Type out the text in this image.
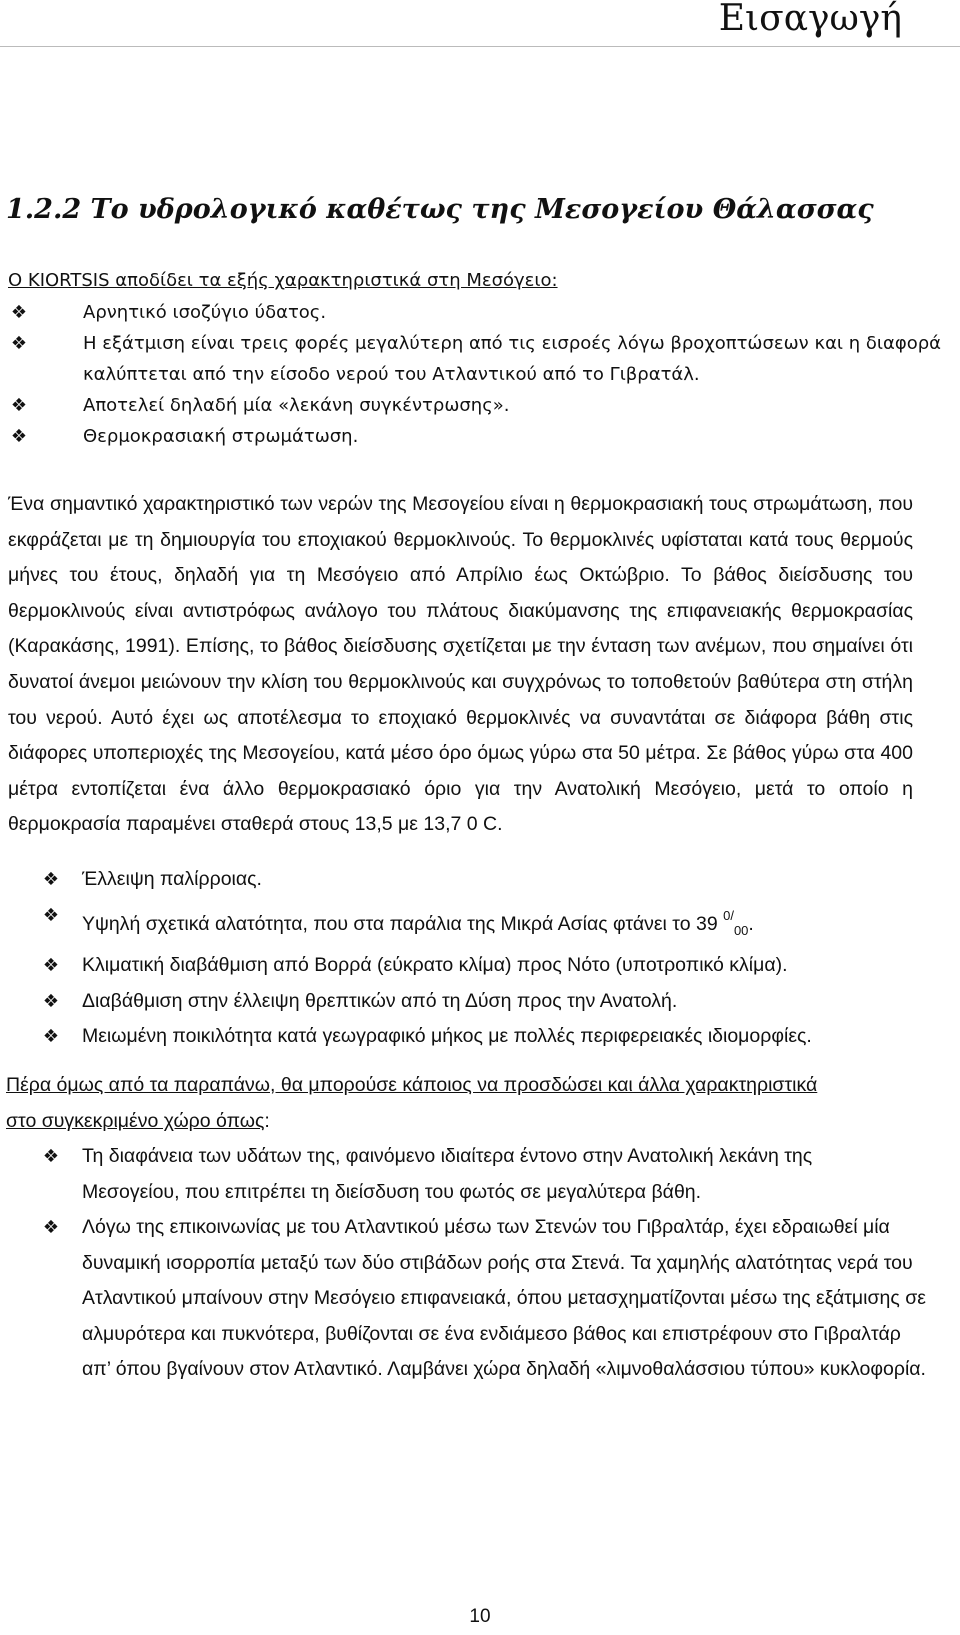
Εισαγωγή
1.2.2 Το υδρολογικό καθέτως της Μεσογείου Θάλασσας
Ο KIORTSIS αποδίδει τα εξής χαρακτηριστικά στη Μεσόγειο:
❖	Αρνητικό ισοζύγιο ύδατος.
❖	Η εξάτμιση είναι τρεις φορές μεγαλύτερη από τις εισροές λόγω βροχοπτώσεων και η διαφορά καλύπτεται από την είσοδο νερού του Ατλαντικού από το Γιβρατάλ.
❖	Αποτελεί δηλαδή μία «λεκάνη συγκέντρωσης».
❖	Θερμοκρασιακή στρωμάτωση.
Ένα σημαντικό χαρακτηριστικό των νερών της Μεσογείου είναι η θερμοκρασιακή τους στρωμάτωση, που εκφράζεται με τη δημιουργία του εποχιακού θερμοκλινούς. Το θερμοκλινές υφίσταται κατά τους θερμούς μήνες του έτους, δηλαδή για τη Μεσόγειο από Απρίλιο έως Οκτώβριο. Το βάθος διείσδυσης του θερμοκλινούς είναι αντιστρόφως ανάλογο του πλάτους διακύμανσης της επιφανειακής θερμοκρασίας (Καρακάσης, 1991). Επίσης, το βάθος διείσδυσης σχετίζεται με την ένταση των ανέμων, που σημαίνει ότι δυνατοί άνεμοι μειώνουν την κλίση του θερμοκλινούς και συγχρόνως το τοποθετούν βαθύτερα στη στήλη του νερού. Αυτό έχει ως αποτέλεσμα το εποχιακό θερμοκλινές να συναντάται σε διάφορα βάθη στις διάφορες υποπεριοχές της Μεσογείου, κατά μέσο όρο όμως γύρω στα 50 μέτρα. Σε βάθος γύρω στα 400 μέτρα εντοπίζεται ένα άλλο θερμοκρασιακό όριο για την Ανατολική Μεσόγειο, μετά το οποίο η θερμοκρασία παραμένει σταθερά στους 13,5 με 13,7 0 C.
❖	Έλλειψη παλίρροιας.
❖	Υψηλή σχετικά αλατότητα, που στα παράλια της Μικρά Ασίας φτάνει το 39 $^{0/}_{00}$.
❖	Κλιματική διαβάθμιση από Βορρά (εύκρατο κλίμα) προς Νότο (υποτροπικό κλίμα).
❖	Διαβάθμιση στην έλλειψη θρεπτικών από τη Δύση προς την Ανατολή.
❖	Μειωμένη ποικιλότητα κατά γεωγραφικό μήκος με πολλές περιφερειακές ιδιομορφίες.
Πέρα όμως από τα παραπάνω, θα μπορούσε κάποιος να προσδώσει και άλλα χαρακτηριστικά στο συγκεκριμένο χώρο όπως:
❖	Τη διαφάνεια των υδάτων της, φαινόμενο ιδιαίτερα έντονο στην Ανατολική λεκάνη της    Μεσογείου, που επιτρέπει τη διείσδυση του φωτός σε μεγαλύτερα βάθη.
❖	Λόγω της επικοινωνίας με του Ατλαντικού μέσω των Στενών του Γιβραλτάρ, έχει εδραιωθεί μία δυναμική ισορροπία μεταξύ των δύο στιβάδων ροής στα Στενά. Τα χαμηλής αλατότητας νερά του Ατλαντικού μπαίνουν στην Μεσόγειο επιφανειακά, όπου μετασχηματίζονται μέσω της εξάτμισης σε αλμυρότερα και πυκνότερα, βυθίζονται σε ένα ενδιάμεσο βάθος και επιστρέφουν στο Γιβραλτάρ απ’ όπου βγαίνουν στον Ατλαντικό. Λαμβάνει χώρα δηλαδή «λιμνοθαλάσσιου τύπου» κυκλοφορία.
10
